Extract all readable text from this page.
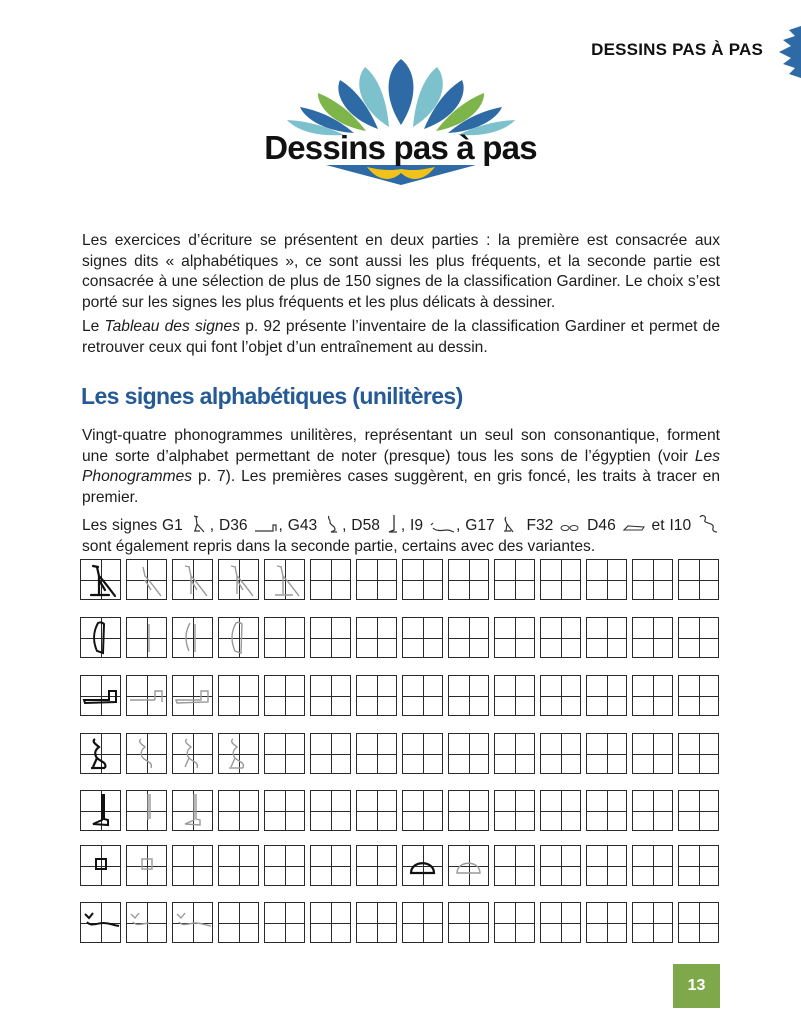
DESSINS PAS À PAS
Dessins pas à pas

Les exercices d’écriture se présentent en deux parties : la première est consacrée aux signes dits « alphabétiques », ce sont aussi les plus fréquents, et la seconde partie est consacrée à une sélection de plus de 150 signes de la classification Gardiner. Le choix s’est porté sur les signes les plus fréquents et les plus délicats à dessiner.

Le Tableau des signes p. 92 présente l’inventaire de la classification Gardiner et permet de retrouver ceux qui font l’objet d’un entraînement au dessin.

Les signes alphabétiques (unilitères)

Vingt-quatre phonogrammes unilitères, représentant un seul son consonantique, forment une sorte d’alphabet permettant de noter (presque) tous les sons de l’égyptien (voir Les Phonogrammes p. 7). Les premières cases suggèrent, en gris foncé, les traits à tracer en premier.

Les signes G1 , D36 , G43 , D58 , I9 , G17  F32  D46  et I10  sont également repris dans la seconde partie, certains avec des variantes.

13
